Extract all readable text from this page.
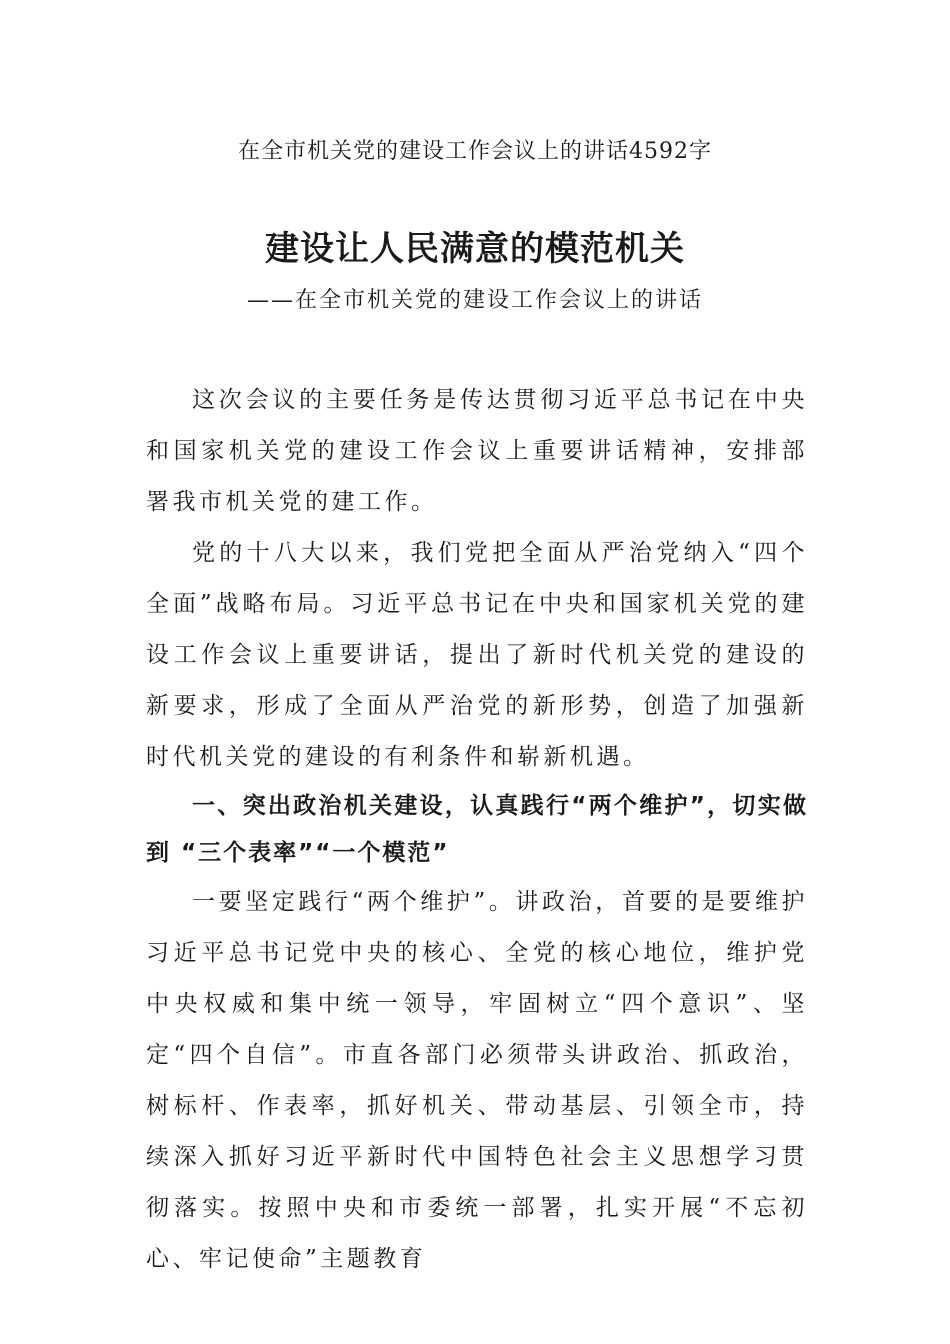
在全市机关党的建设工作会议上的讲话4592字
建设让人民满意的模范机关
——在全市机关党的建设工作会议上的讲话

这次会议的主要任务是传达贯彻习近平总书记在中央和国家机关党的建设工作会议上重要讲话精神，安排部署我市机关党的建工作。

党的十八大以来，我们党把全面从严治党纳入“四个全面”战略布局。习近平总书记在中央和国家机关党的建设工作会议上重要讲话，提出了新时代机关党的建设的新要求，形成了全面从严治党的新形势，创造了加强新时代机关党的建设的有利条件和崭新机遇。

一、突出政治机关建设，认真践行“两个维护”，切实做到 “三个表率”“一个模范”

一要坚定践行“两个维护”。讲政治，首要的是要维护习近平总书记党中央的核心、全党的核心地位，维护党中央权威和集中统一领导，牢固树立“四个意识”、坚定“四个自信”。市直各部门必须带头讲政治、抓政治，树标杆、作表率，抓好机关、带动基层、引领全市，持续深入抓好习近平新时代中国特色社会主义思想学习贯彻落实。按照中央和市委统一部署，扎实开展“不忘初心、牢记使命”主题教育
